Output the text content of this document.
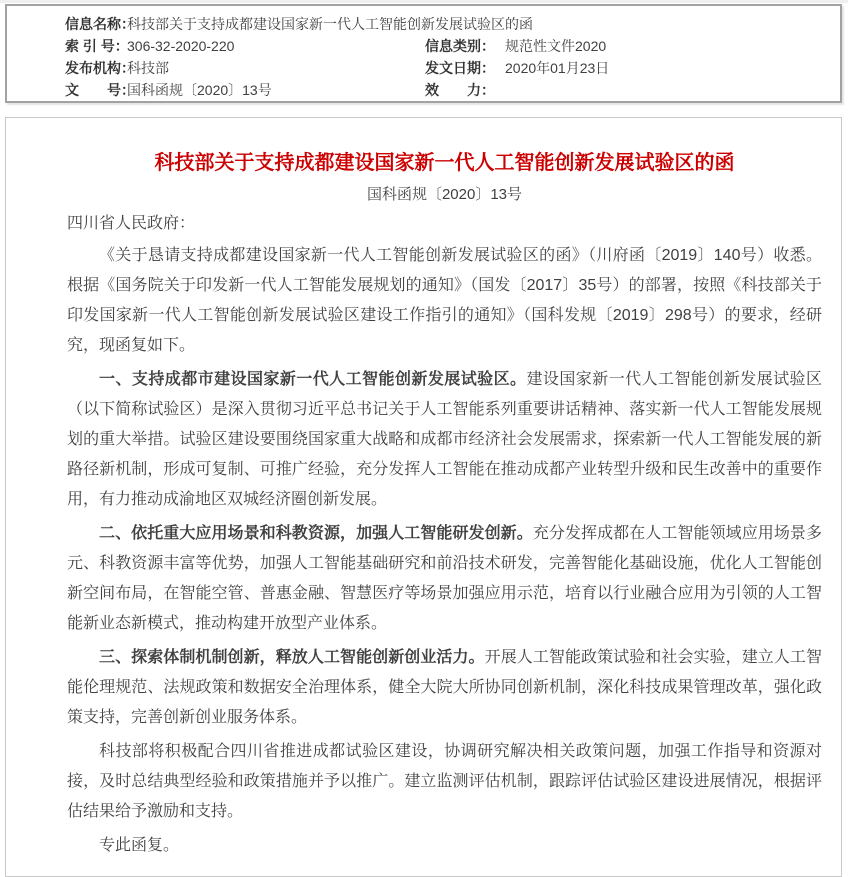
信息名称：
科技部关于支持成都建设国家新一代人工智能创新发展试验区的函
索 引 号：
306-32-2020-220	信息类别： 规范性文件2020
发布机构：
科技部	发文日期： 2020年01月23日
文　　号：
国科函规〔2020〕13号	效　　力：
科技部关于支持成都建设国家新一代人工智能创新发展试验区的函
国科函规〔2020〕13号

四川省人民政府：

《关于恳请支持成都建设国家新一代人工智能创新发展试验区的函》（川府函〔2019〕140号）收悉。根据《国务院关于印发新一代人工智能发展规划的通知》（国发〔2017〕35号）的部署，按照《科技部关于印发国家新一代人工智能创新发展试验区建设工作指引的通知》（国科发规〔2019〕298号）的要求，经研究，现函复如下。

一、支持成都市建设国家新一代人工智能创新发展试验区。建设国家新一代人工智能创新发展试验区（以下简称试验区）是深入贯彻习近平总书记关于人工智能系列重要讲话精神、落实新一代人工智能发展规划的重大举措。试验区建设要围绕国家重大战略和成都市经济社会发展需求，探索新一代人工智能发展的新路径新机制，形成可复制、可推广经验，充分发挥人工智能在推动成都产业转型升级和民生改善中的重要作用，有力推动成渝地区双城经济圈创新发展。

二、依托重大应用场景和科教资源，加强人工智能研发创新。充分发挥成都在人工智能领域应用场景多元、科教资源丰富等优势，加强人工智能基础研究和前沿技术研发，完善智能化基础设施，优化人工智能创新空间布局，在智能空管、普惠金融、智慧医疗等场景加强应用示范，培育以行业融合应用为引领的人工智能新业态新模式，推动构建开放型产业体系。

三、探索体制机制创新，释放人工智能创新创业活力。开展人工智能政策试验和社会实验，建立人工智能伦理规范、法规政策和数据安全治理体系，健全大院大所协同创新机制，深化科技成果管理改革，强化政策支持，完善创新创业服务体系。

科技部将积极配合四川省推进成都试验区建设，协调研究解决相关政策问题，加强工作指导和资源对接，及时总结典型经验和政策措施并予以推广。建立监测评估机制，跟踪评估试验区建设进展情况，根据评估结果给予激励和支持。

专此函复。
